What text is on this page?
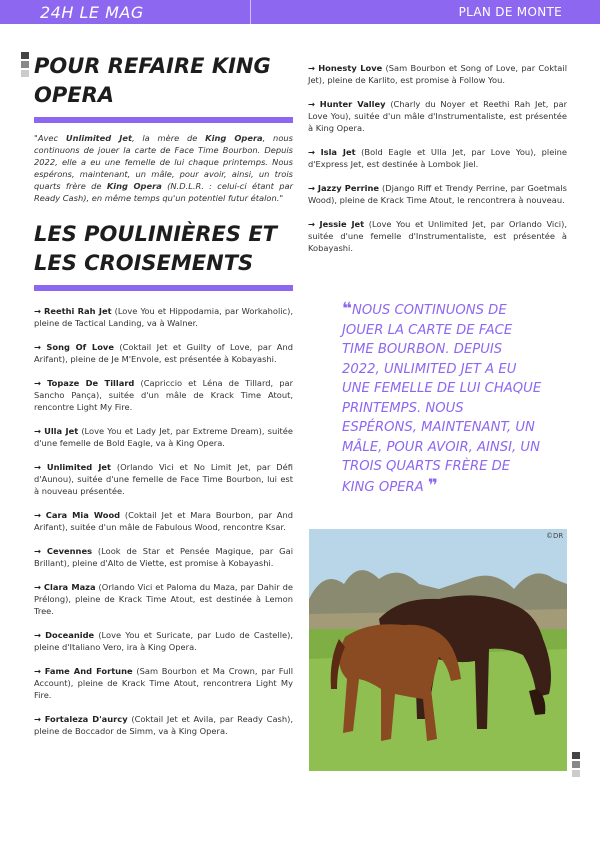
24H LE MAG	PLAN DE MONTE
POUR REFAIRE KING OPERA

"Avec Unlimited Jet, la mère de King Opera, nous continuons de jouer la carte de Face Time Bourbon. Depuis 2022, elle a eu une femelle de lui chaque printemps. Nous espérons, maintenant, un mâle, pour avoir, ainsi, un trois quarts frère de King Opera (N.D.L.R. : celui-ci étant par Ready Cash), en même temps qu'un potentiel futur étalon."

LES POULINIÈRES ET LES CROISEMENTS

→ Reethi Rah Jet (Love You et Hippodamia, par Workaholic), pleine de Tactical Landing, va à Walner.

→ Song Of Love (Coktail Jet et Guilty of Love, par And Arifant), pleine de Je M'Envole, est présentée à Kobayashi.

→ Topaze De Tillard (Capriccio et Léna de Tillard, par Sancho Pança), suitée d'un mâle de Krack Time Atout, rencontre Light My Fire.

→ Ulla Jet (Love You et Lady Jet, par Extreme Dream), suitée d'une femelle de Bold Eagle, va à King Opera.

→ Unlimited Jet (Orlando Vici et No Limit Jet, par Défi d'Aunou), suitée d'une femelle de Face Time Bourbon, lui est à nouveau présentée.

→ Cara Mia Wood (Coktail Jet et Mara Bourbon, par And Arifant), suitée d'un mâle de Fabulous Wood, rencontre Ksar.

→ Cevennes (Look de Star et Pensée Magique, par Gai Brillant), pleine d'Alto de Viette, est promise à Kobayashi.

→ Clara Maza (Orlando Vici et Paloma du Maza, par Dahir de Prélong), pleine de Krack Time Atout, est destinée à Lemon Tree.

→ Doceanide (Love You et Suricate, par Ludo de Castelle), pleine d'Italiano Vero, ira à King Opera.

→ Fame And Fortune (Sam Bourbon et Ma Crown, par Full Account), pleine de Krack Time Atout, rencontrera Light My Fire.

→ Fortaleza D'aurcy (Coktail Jet et Avila, par Ready Cash), pleine de Boccador de Simm, va à King Opera.

→ Honesty Love (Sam Bourbon et Song of Love, par Coktail Jet), pleine de Karlito, est promise à Follow You.

→ Hunter Valley (Charly du Noyer et Reethi Rah Jet, par Love You), suitée d'un mâle d'Instrumentaliste, est présentée à King Opera.

→ Isla Jet (Bold Eagle et Ulla Jet, par Love You), pleine d'Express Jet, est destinée à Lombok Jiel.

→ Jazzy Perrine (Django Riff et Trendy Perrine, par Goetmals Wood), pleine de Krack Time Atout, le rencontrera à nouveau.

→ Jessie Jet (Love You et Unlimited Jet, par Orlando Vici), suitée d'une femelle d'Instrumentaliste, est présentée à Kobayashi.

❝NOUS CONTINUONS DE JOUER LA CARTE DE FACE TIME BOURBON. DEPUIS 2022, UNLIMITED JET A EU UNE FEMELLE DE LUI CHAQUE PRINTEMPS. NOUS ESPÉRONS, MAINTENANT, UN MÂLE, POUR AVOIR, AINSI, UN TROIS QUARTS FRÈRE DE KING OPERA ❞
©DR
